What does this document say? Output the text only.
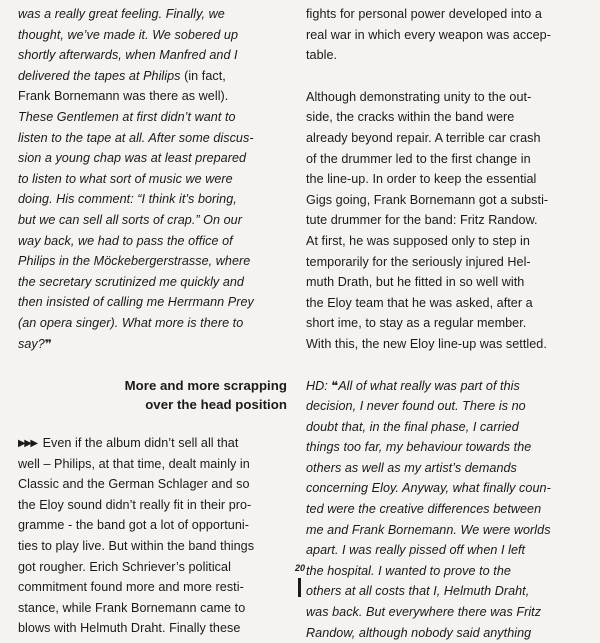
was a really great feeling. Finally, we
thought, we’ve made it. We sobered up
shortly afterwards, when Manfred and I
delivered the tapes at Philips (in fact,
Frank Bornemann was there as well).
These Gentlemen at first didn’t want to
listen to the tape at all. After some discus-
sion a young chap was at least prepared
to listen to what sort of music we were
doing. His comment: “I think it’s boring,
but we can sell all sorts of crap.” On our
way back, we had to pass the office of
Philips in the Möckebergerstrasse, where
the secretary scrutinized me quickly and
then insisted of calling me Herrmann Prey
(an opera singer). What more is there to
say?❞
More and more scrapping
over the head position
▶▶▶ Even if the album didn’t sell all that
well – Philips, at that time, dealt mainly in
Classic and the German Schlager and so
the Eloy sound didn’t really fit in their pro-
gramme - the band got a lot of opportuni-
ties to play live. But within the band things
got rougher. Erich Schriever’s political
commitment found more and more resti-
stance, while Frank Bornemann came to
blows with Helmuth Draht. Finally these
fights for personal power developed into a
real war in which every weapon was accep-
table.
Although demonstrating unity to the out-
side, the cracks within the band were
already beyond repair. A terrible car crash
of the drummer led to the first change in
the line-up. In order to keep the essential
Gigs going, Frank Bornemann got a substi-
tute drummer for the band: Fritz Randow.
At first, he was supposed only to step in
temporarily for the seriously injured Hel-
muth Drath, but he fitted in so well with
the Eloy team that he was asked, after a
short ime, to stay as a regular member.
With this, the new Eloy line-up was settled.
HD: ❝All of what really was part of this
decision, I never found out. There is no
doubt that, in the final phase, I carried
things too far, my behaviour towards the
others as well as my artist’s demands
concerning Eloy. Anyway, what finally coun-
ted were the creative differences between
me and Frank Bornemann. We were worlds
apart. I was really pissed off when I left
the hospital. I wanted to prove to the
others at all costs that I, Helmuth Draht,
was back. But everywhere there was Fritz
Randow, although nobody said anything
20
